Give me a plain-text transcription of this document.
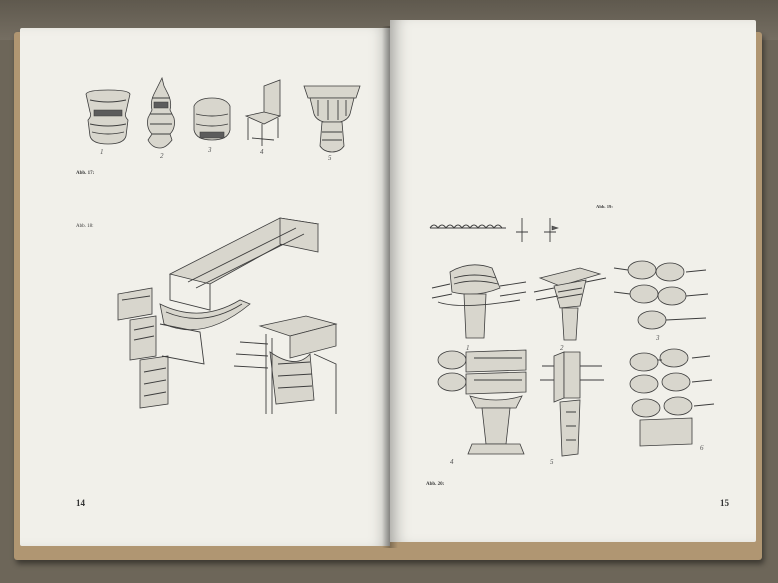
1	2
3	4
5
Abb. 17:
Abb. 18:
14
Abb. 19:
1	2
3
4	5
6
Abb. 20:
15
